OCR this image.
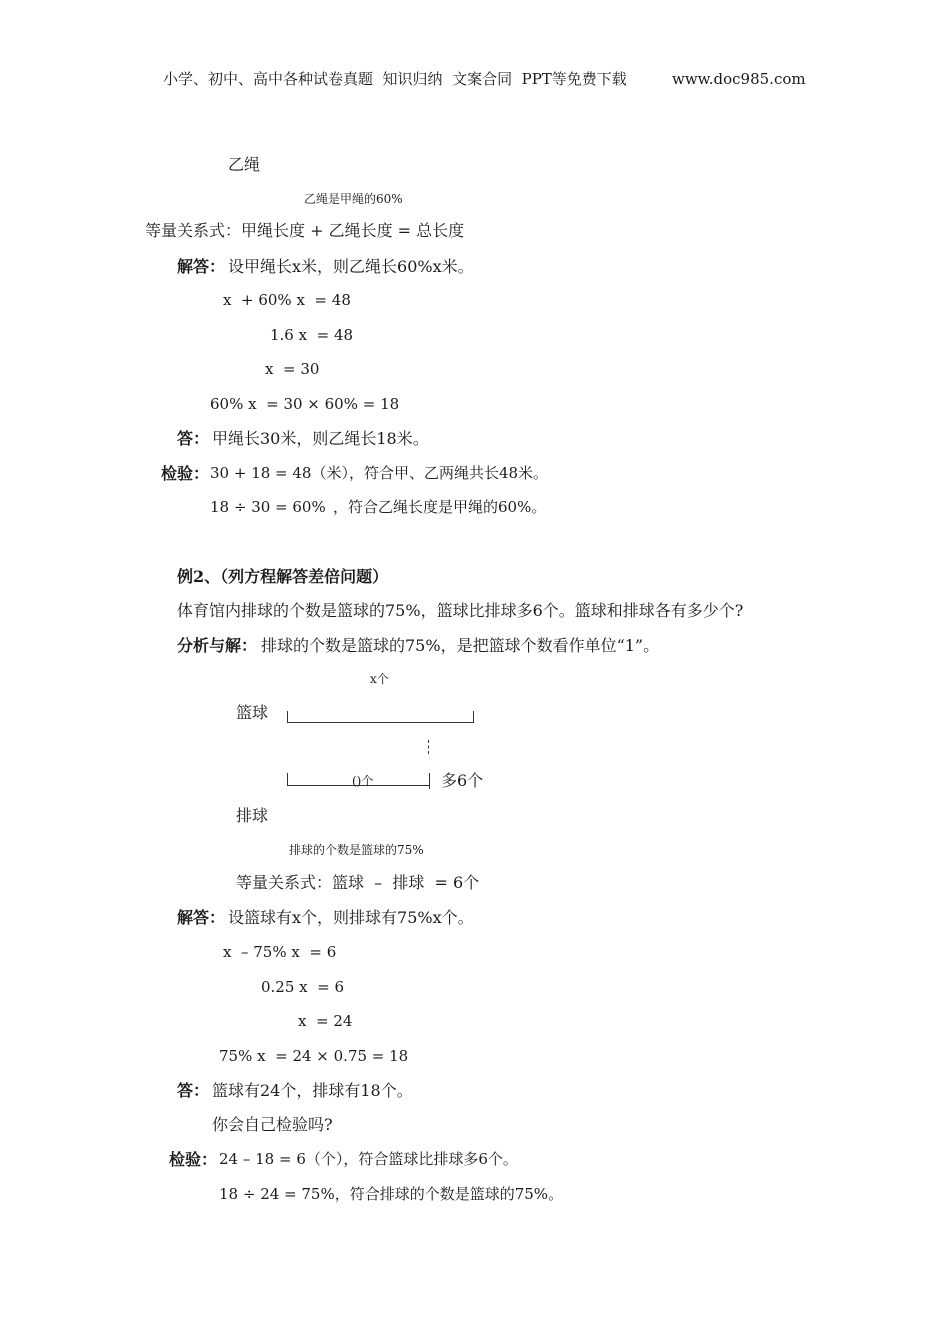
小学、初中、高中各种试卷真题  知识归纳  文案合同  PPT等免费下载	www.doc985.com
乙绳
乙绳是甲绳的60%
等量关系式：甲绳长度 + 乙绳长度 = 总长度
解答： 设甲绳长x米，则乙绳长60%x米。
x  + 60% x  = 48
1.6 x  = 48
x  = 30
60% x  = 30 × 60% = 18
答： 甲绳长30米，则乙绳长18米。
检验： 30 + 18 = 48（米），符合甲、乙两绳共长48米。
18 ÷ 30 = 60% ，符合乙绳长度是甲绳的60%。
例2、（列方程解答差倍问题）
体育馆内排球的个数是篮球的75%，篮球比排球多6个。篮球和排球各有多少个?
分析与解： 排球的个数是篮球的75%，是把篮球个数看作单位“1”。
x个
篮球
()个	多6个
排球
排球的个数是篮球的75%
等量关系式：篮球  –  排球  = 6个
解答： 设篮球有x个，则排球有75%x个。
x  – 75% x  = 6
0.25 x  = 6
x  = 24
75% x  = 24 × 0.75 = 18
答： 篮球有24个，排球有18个。
你会自己检验吗?
检验： 24 – 18 = 6（个），符合篮球比排球多6个。
18 ÷ 24 = 75%，符合排球的个数是篮球的75%。
